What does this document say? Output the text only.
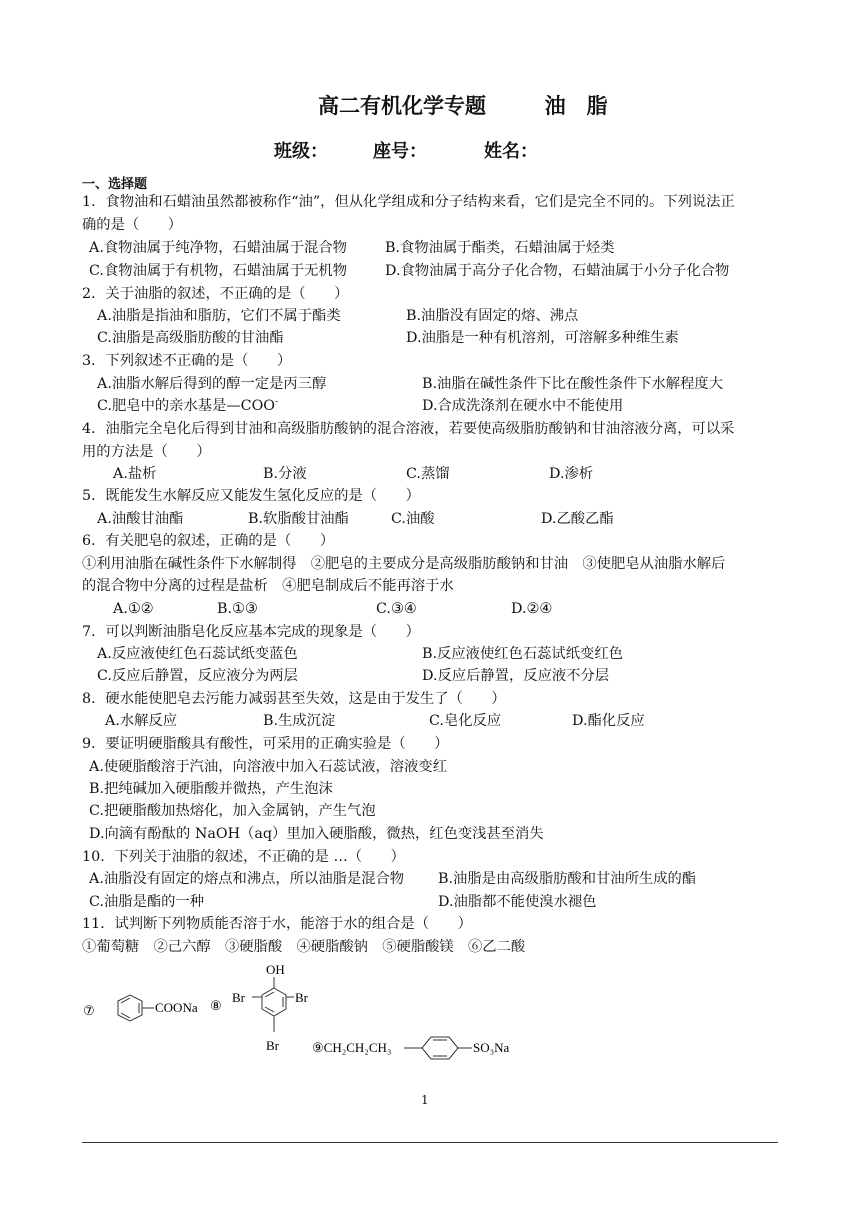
高二有机化学专题	油　脂
班级：	座号：	姓名：
一、选择题
1．食物油和石蜡油虽然都被称作“油”，但从化学组成和分子结构来看，它们是完全不同的。下列说法正
确的是（　　）
A.食物油属于纯净物，石蜡油属于混合物	B.食物油属于酯类，石蜡油属于烃类
C.食物油属于有机物，石蜡油属于无机物	D.食物油属于高分子化合物，石蜡油属于小分子化合物
2．关于油脂的叙述，不正确的是（　　）
A.油脂是指油和脂肪，它们不属于酯类	B.油脂没有固定的熔、沸点
C.油脂是高级脂肪酸的甘油酯	D.油脂是一种有机溶剂，可溶解多种维生素
3．下列叙述不正确的是（　　）
A.油脂水解后得到的醇一定是丙三醇	B.油脂在碱性条件下比在酸性条件下水解程度大
C.肥皂中的亲水基是—COO-	D.合成洗涤剂在硬水中不能使用
4．油脂完全皂化后得到甘油和高级脂肪酸钠的混合溶液，若要使高级脂肪酸钠和甘油溶液分离，可以采
用的方法是（　　）
A.盐析	B.分液	C.蒸馏	D.渗析
5．既能发生水解反应又能发生氢化反应的是（　　）
A.油酸甘油酯	B.软脂酸甘油酯	C.油酸	D.乙酸乙酯
6．有关肥皂的叙述，正确的是（　　）
①利用油脂在碱性条件下水解制得　②肥皂的主要成分是高级脂肪酸钠和甘油　③使肥皂从油脂水解后
的混合物中分离的过程是盐析　④肥皂制成后不能再溶于水
A.①②	B.①③	C.③④	D.②④
7．可以判断油脂皂化反应基本完成的现象是（　　）
A.反应液使红色石蕊试纸变蓝色	B.反应液使红色石蕊试纸变红色
C.反应后静置，反应液分为两层	D.反应后静置，反应液不分层
8．硬水能使肥皂去污能力减弱甚至失效，这是由于发生了（　　）
A.水解反应	B.生成沉淀	C.皂化反应	D.酯化反应
9．要证明硬脂酸具有酸性，可采用的正确实验是（　　）
A.使硬脂酸溶于汽油，向溶液中加入石蕊试液，溶液变红
B.把纯碱加入硬脂酸并微热，产生泡沫
C.把硬脂酸加热熔化，加入金属钠，产生气泡
D.向滴有酚酞的 NaOH（aq）里加入硬脂酸，微热，红色变浅甚至消失
10．下列关于油脂的叙述，不正确的是 …（　　）
A.油脂没有固定的熔点和沸点，所以油脂是混合物 B.油脂是由高级脂肪酸和甘油所生成的酯
C.油脂是酯的一种	D.油脂都不能使溴水褪色
11．试判断下列物质能否溶于水，能溶于水的组合是（　　）
①葡萄糖　②己六醇　③硬脂酸　④硬脂酸钠　⑤硬脂酸镁　⑥乙二酸
⑦	COONa ⑧
OH
Br	Br
Br	⑨CH₂CH₂CH₃	SO₃Na
1
